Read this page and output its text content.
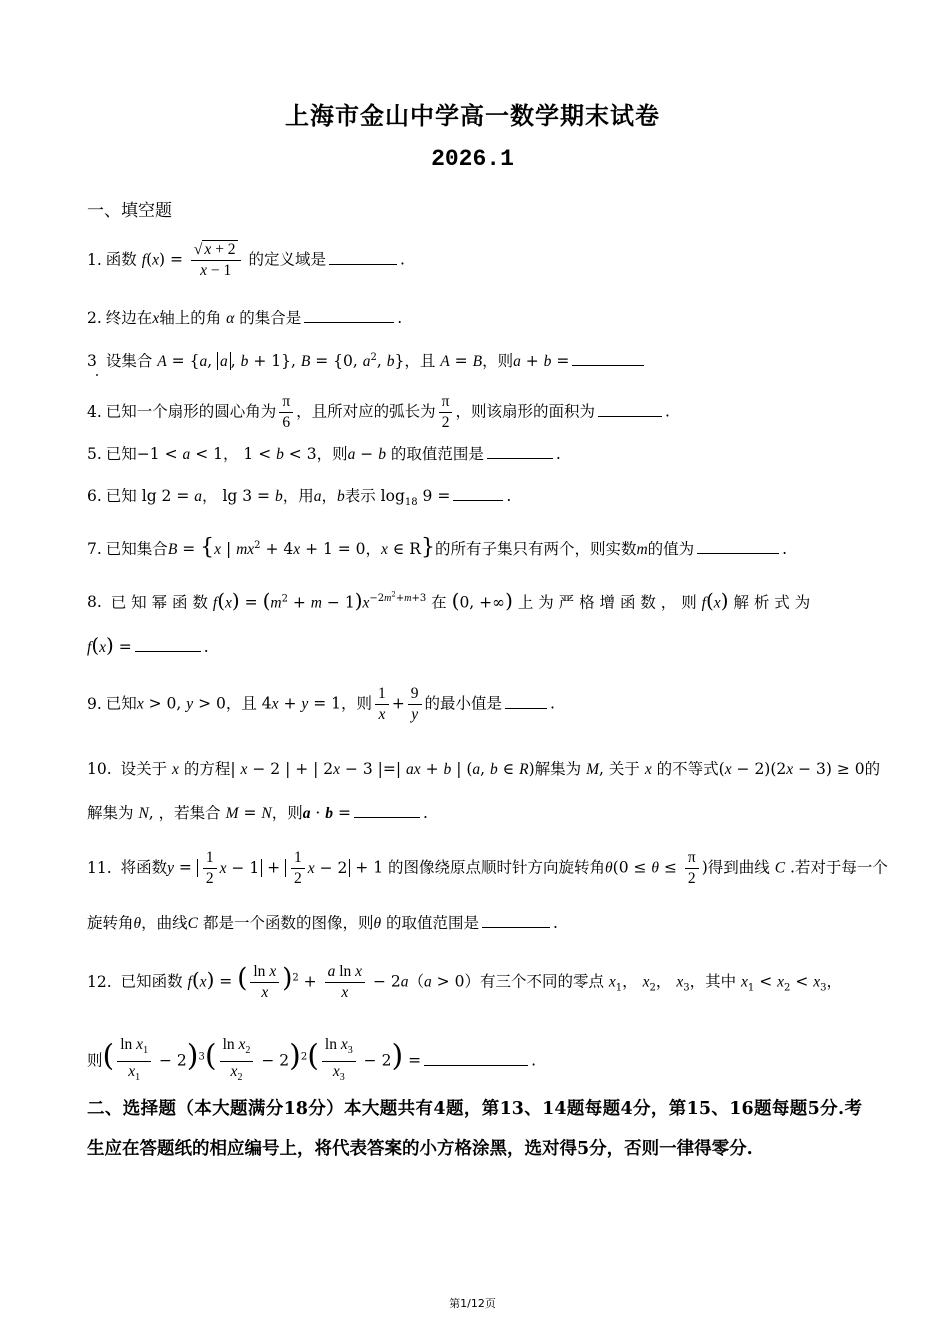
上海市金山中学高一数学期末试卷
2026.1
一、填空题
1. 函数 $f(x) = \frac{√ x + 2}{x - 1}$ 的定义域是	.
2. 终边在x轴上的角 α 的集合是	.
3 设集合 A = {a, a , b + 1}, B = {0, $a^2$, b}，且 A = B，则a + b =
4. 已知一个扇形的圆心角为 $\frac{\pi}{6}$ ，且所对应的弧长为 $\frac{\pi}{2}$ ，则该扇形的面积为	.
5. 已知−1 < a < 1， 1 < b < 3，则a − b 的取值范围是	.
6. 已知 lg 2 = a， lg 3 = b，用a，b表示 $\log_{18} 9$ =	.
7. 已知集合B = {x | $mx^2 + 4x + 1 = 0$，x ∈ R}的所有子集只有两个，则实数m的值为	.
8. 已 知 幂 函 数 $f(x) = (m^2 + m - 1)x^{-2m^2+m+3}$ 在 (0, +∞) 上 为 严 格 增 函 数 ， 则 f(x) 解 析 式 为
f(x) =	.
9. 已知x > 0, y > 0，且 4x + y = 1，则 $\frac{1}{x} + \frac{9}{y}$ 的最小值是	.
10. 设关于 x 的方程| x − 2 | + | 2x − 3 |=| ax + b | (a, b ∈ R)解集为 M, 关于 x 的不等式(x − 2)(2x − 3) ≥ 0的
解集为 N, ，若集合 M = N，则a · b =	.
11. 将函数$y = \frac{1}{2}$ $x - 1 + \frac{1}{2}$ x − 2 + 1 的图像绕原点顺时针方向旋转角$\theta(0 \le \theta \le \frac{\pi}{2}$ )得到曲线 C .若对于每一个
旋转角θ，曲线C 都是一个函数的图像，则θ 的取值范围是	.
12. 已知函数 f(x) = ( $\frac{\text{ln x}}{x} )^2 + \frac{\text{a ln x}}{x} - 2a(a > 0)$有三个不同的零点 $x_1$， $x_2$， $x_3$，其中 $x_1 < x_2 < x_3$，
则( $\frac{\ln x_1}{x_1} - 2)^3( \frac{\ln x_2}{x_2} - 2)^2( \frac{\ln x_3}{x_3} - 2)$ =	.
二、选择题（本大题满分18分）本大题共有4题，第13、14题每题4分，第15、16题每题5分.考生应在答题纸的相应编号上，将代表答案的小方格涂黑，选对得5分，否则一律得零分.
第1/12页
